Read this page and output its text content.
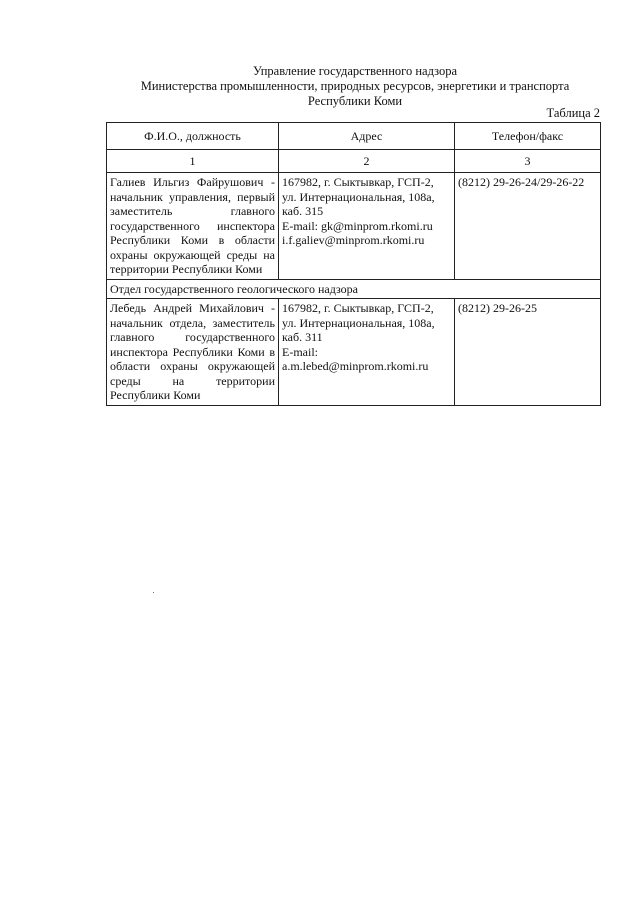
Управление государственного надзора
Министерства промышленности, природных ресурсов, энергетики и транспорта
Республики Коми
Таблица 2
Ф.И.О., должность	Адрес	Телефон/факс
1	2	3
Галиев Ильгиз Файрушович - начальник управления, первый заместитель главного государственного инспектора Республики Коми в области охраны окружающей среды на территории Республики Коми	167982, г. Сыктывкар, ГСП-2,
ул. Интернациональная, 108а,
каб. 315
E-mail: gk@minprom.rkomi.ru
i.f.galiev@minprom.rkomi.ru	(8212) 29-26-24/29-26-22
Отдел государственного геологического надзора		
Лебедь Андрей Михайлович - начальник отдела, заместитель главного государственного инспектора Республики Коми в области охраны окружающей среды на территории Республики Коми	167982, г. Сыктывкар, ГСП-2,
ул. Интернациональная, 108а,
каб. 311
E-mail:
a.m.lebed@minprom.rkomi.ru	(8212) 29-26-25
